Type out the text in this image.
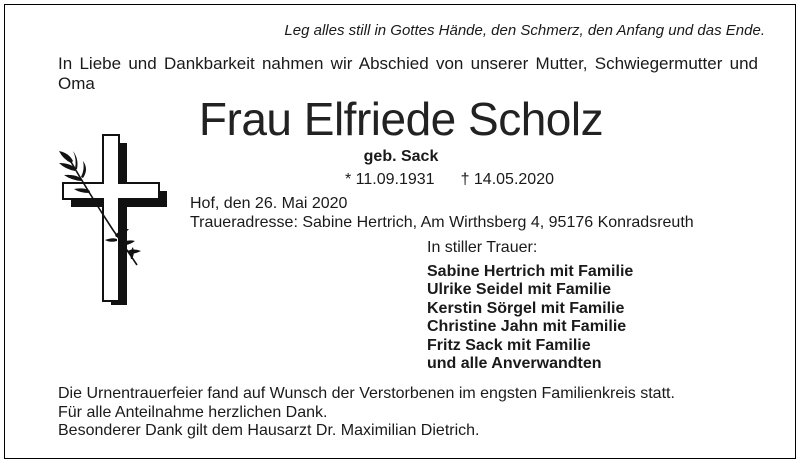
Leg alles still in Gottes Hände, den Schmerz, den Anfang und das Ende.
In Liebe und Dankbarkeit nahmen wir Abschied von unserer Mutter, Schwiegermutter und Oma
Frau Elfriede Scholz
geb. Sack
* 11.09.1931 † 14.05.2020
Hof, den 26. Mai 2020
Traueradresse: Sabine Hertrich, Am Wirthsberg 4, 95176 Konradsreuth
In stiller Trauer:
Sabine Hertrich mit Familie
Ulrike Seidel mit Familie
Kerstin Sörgel mit Familie
Christine Jahn mit Familie
Fritz Sack mit Familie
und alle Anverwandten
Die Urnentrauerfeier fand auf Wunsch der Verstorbenen im engsten Familienkreis statt.
Für alle Anteilnahme herzlichen Dank.
Besonderer Dank gilt dem Hausarzt Dr. Maximilian Dietrich.
